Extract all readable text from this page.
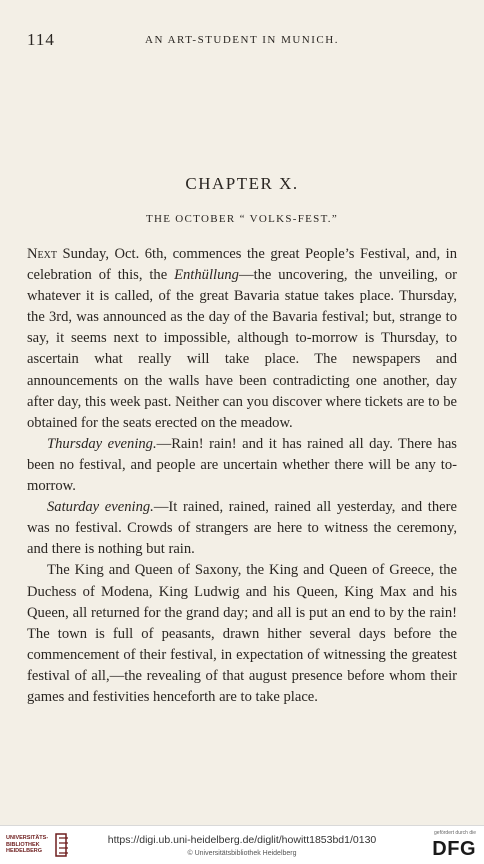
114	AN ART-STUDENT IN MUNICH.
CHAPTER X.
THE OCTOBER “ VOLKS-FEST.”

Next Sunday, Oct. 6th, commences the great People’s Festival, and, in celebration of this, the Enthüllung—the uncovering, the unveiling, or whatever it is called, of the great Bavaria statue takes place. Thursday, the 3rd, was announced as the day of the Bavaria festival; but, strange to say, it seems next to impossible, although to-morrow is Thursday, to ascertain what really will take place. The newspapers and announcements on the walls have been contradicting one another, day after day, this week past. Neither can you discover where tickets are to be obtained for the seats erected on the meadow.

Thursday evening.—Rain! rain! and it has rained all day. There has been no festival, and people are uncertain whether there will be any to-morrow.

Saturday evening.—It rained, rained, rained all yesterday, and there was no festival. Crowds of strangers are here to witness the ceremony, and there is nothing but rain.

The King and Queen of Saxony, the King and Queen of Greece, the Duchess of Modena, King Ludwig and his Queen, King Max and his Queen, all returned for the grand day; and all is put an end to by the rain! The town is full of peasants, drawn hither several days before the commencement of their festival, in expectation of witnessing the greatest festival of all,—the revealing of that august presence before whom their games and festivities henceforth are to take place.

UNIVERSITÄTS-BIBLIOTHEK HEIDELBERG
https://digi.ub.uni-heidelberg.de/diglit/howitt1853bd1/0130
© Universitätsbibliothek Heidelberg
gefördert durch die
DFG
